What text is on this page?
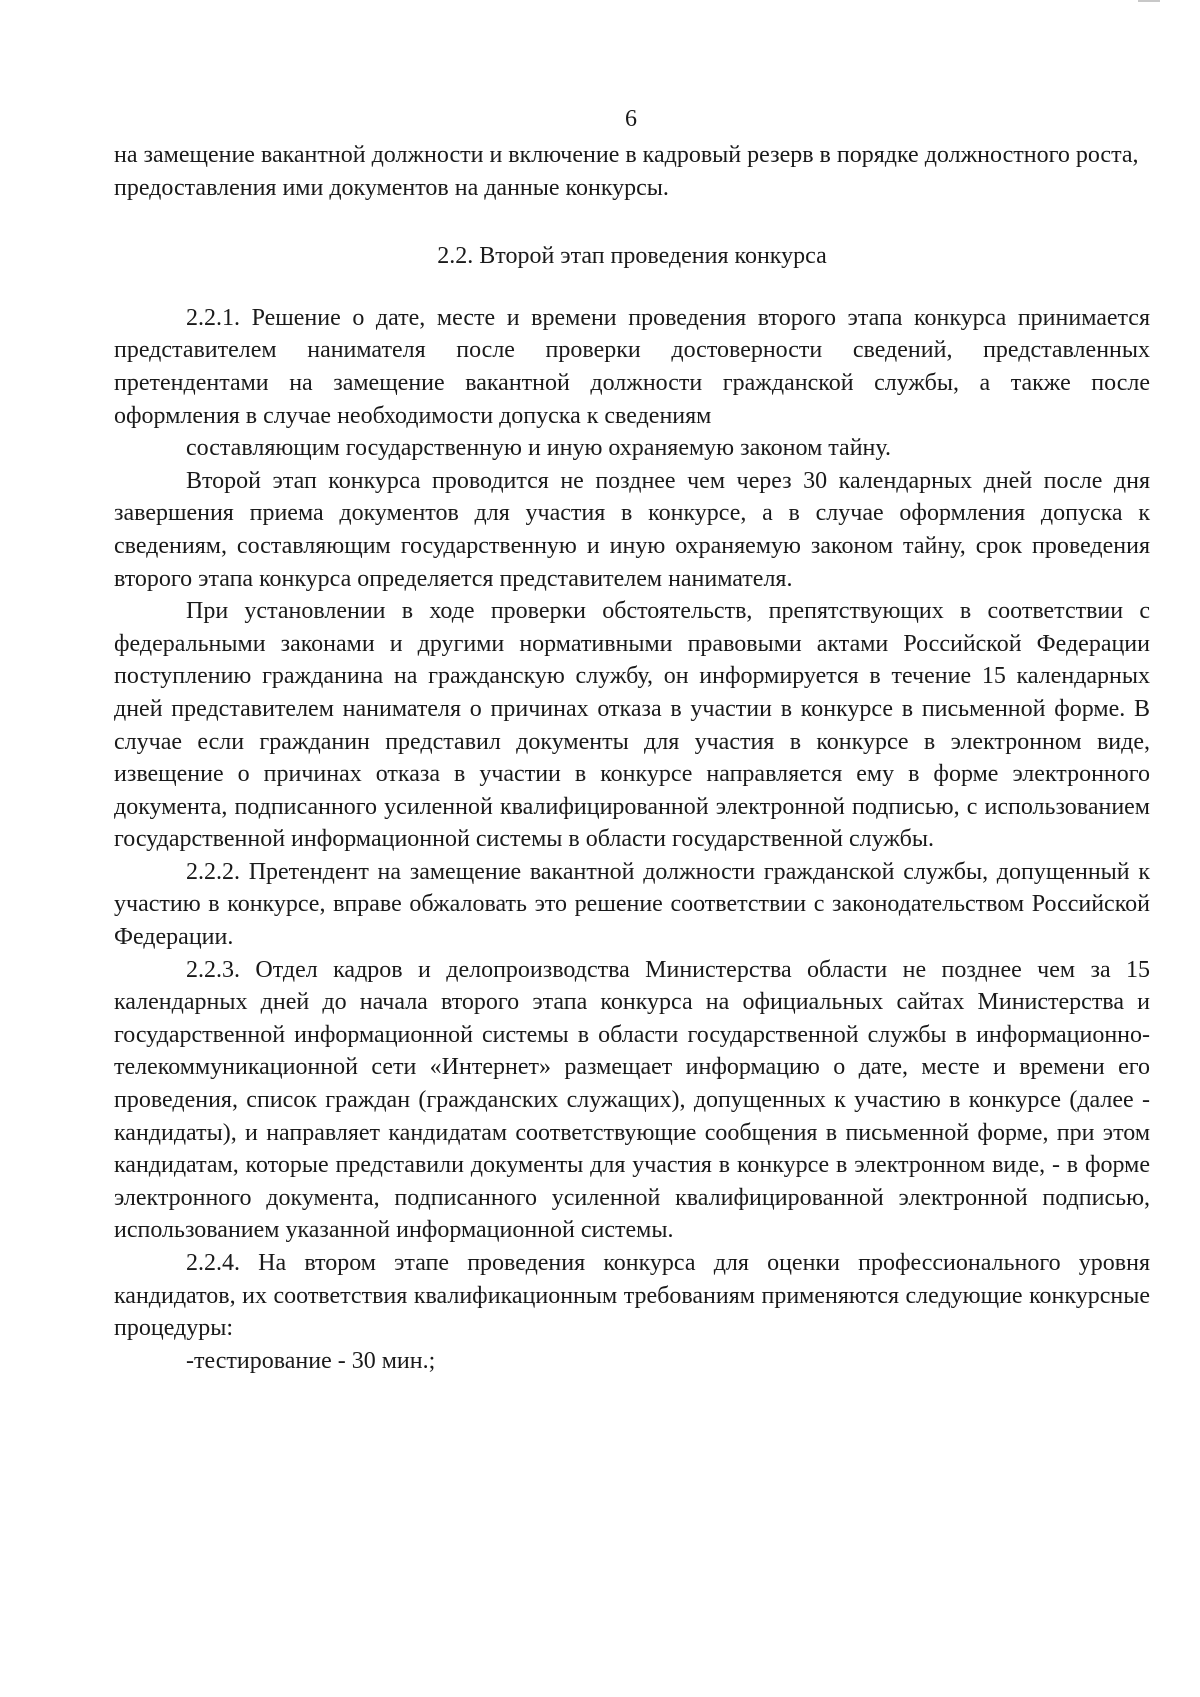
6

на замещение вакантной должности и включение в кадровый резерв в порядке должностного роста, предоставления ими документов на данные конкурсы.

2.2. Второй этап проведения конкурса

2.2.1. Решение о дате, месте и времени проведения второго этапа конкурса принимается представителем нанимателя после проверки достоверности сведений, представленных претендентами на замещение вакантной должности гражданской службы, а также после оформления в случае необходимости допуска к сведениям

составляющим государственную и иную охраняемую законом тайну.

Второй этап конкурса проводится не позднее чем через 30 календарных дней после дня завершения приема документов для участия в конкурсе, а в случае оформления допуска к сведениям, составляющим государственную и иную охраняемую законом тайну, срок проведения второго этапа конкурса определяется представителем нанимателя.

При установлении в ходе проверки обстоятельств, препятствующих в соответствии с федеральными законами и другими нормативными правовыми актами Российской Федерации поступлению гражданина на гражданскую службу, он информируется в течение 15 календарных дней представителем нанимателя о причинах отказа в участии в конкурсе в письменной форме. В случае если гражданин представил документы для участия в конкурсе в электронном виде, извещение о причинах отказа в участии в конкурсе направляется ему в форме электронного документа, подписанного усиленной квалифицированной электронной подписью, с использованием государственной информационной системы в области государственной службы.

2.2.2. Претендент на замещение вакантной должности гражданской службы, допущенный к участию в конкурсе, вправе обжаловать это решение соответствии с законодательством Российской Федерации.

2.2.3. Отдел кадров и делопроизводства Министерства области не позднее чем за 15 календарных дней до начала второго этапа конкурса на официальных сайтах Министерства и государственной информационной системы в области государственной службы в информационно-телекоммуникационной сети «Интернет» размещает информацию о дате, месте и времени его проведения, список граждан (гражданских служащих), допущенных к участию в конкурсе (далее - кандидаты), и направляет кандидатам соответствующие сообщения в письменной форме, при этом кандидатам, которые представили документы для участия в конкурсе в электронном виде, - в форме электронного документа, подписанного усиленной квалифицированной электронной подписью, использованием указанной информационной системы.

2.2.4. На втором этапе проведения конкурса для оценки профессионального уровня кандидатов, их соответствия квалификационным требованиям применяются следующие конкурсные процедуры:

-тестирование - 30 мин.;
